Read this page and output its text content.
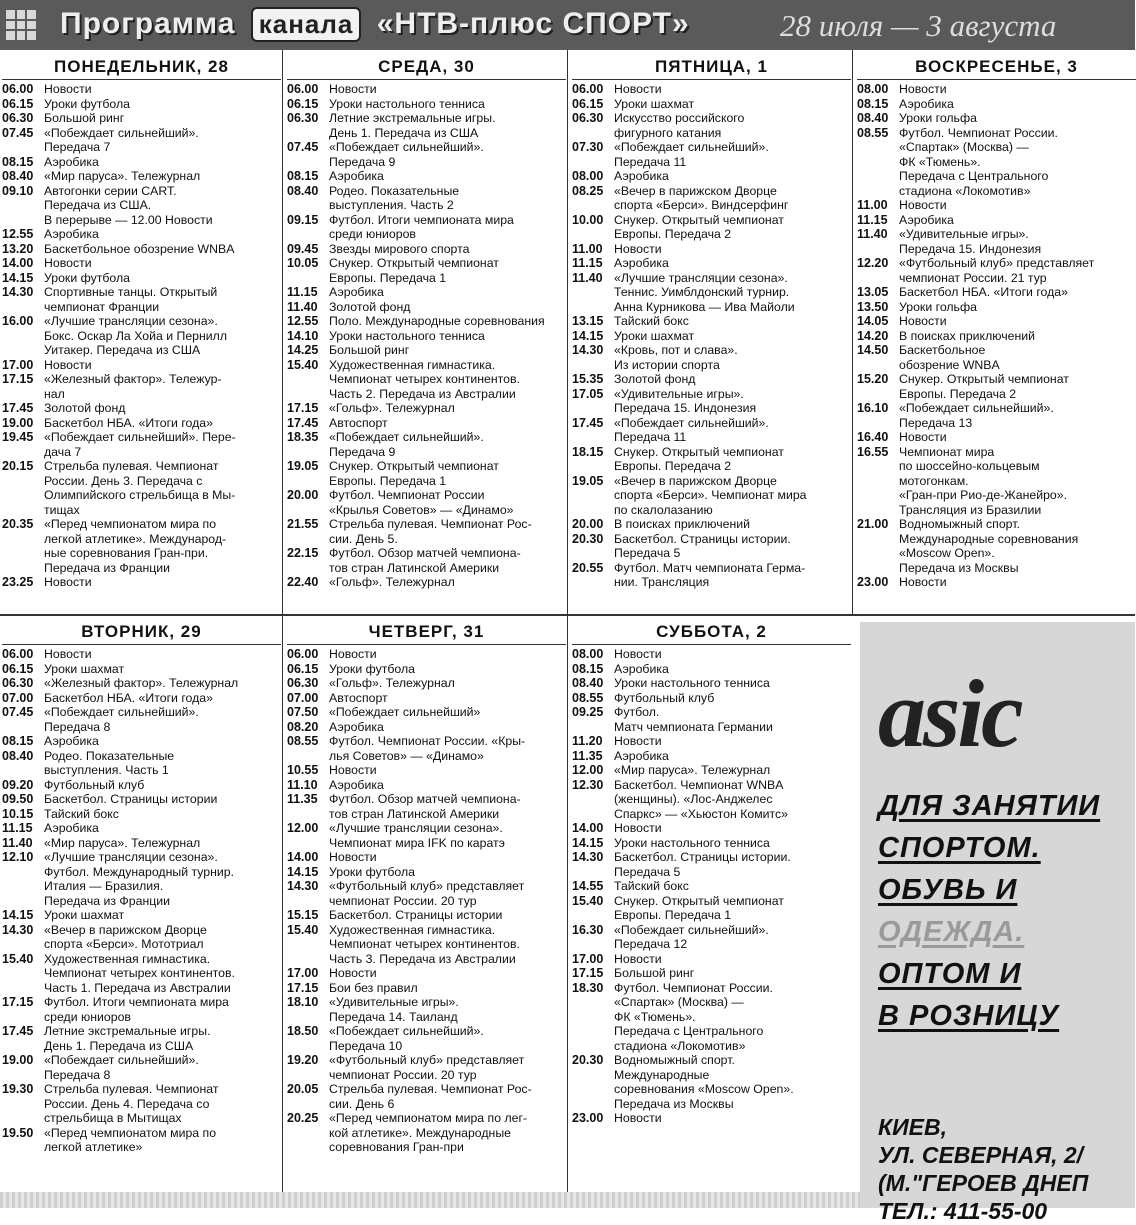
Программа канала «НТВ-плюс СПОРТ»	28 июля — 3 августа
ПОНЕДЕЛЬНИК, 28
06.00 Новости
06.15 Уроки футбола
06.30 Большой ринг
07.45 «Побеждает сильнейший».
Передача 7
08.15 Аэробика
08.40 «Мир паруса». Тележурнал
09.10 Автогонки серии CART.
Передача из США.
В перерыве — 12.00 Новости
12.55 Аэробика
13.20 Баскетбольное обозрение WNBA
14.00 Новости
14.15 Уроки футбола
14.30 Спортивные танцы. Открытый
чемпионат Франции
16.00 «Лучшие трансляции сезона».
Бокс. Оскар Ла Хойа и Пернилл
Уитакер. Передача из США
17.00 Новости
17.15 «Железный фактор». Тележур-
нал
17.45 Золотой фонд
19.00 Баскетбол НБА. «Итоги года»
19.45 «Побеждает сильнейший». Пере-
дача 7
20.15 Стрельба пулевая. Чемпионат
России. День 3. Передача с
Олимпийского стрельбища в Мы-
тищах
20.35 «Перед чемпионатом мира по
легкой атлетике». Международ-
ные соревнования Гран-при.
Передача из Франции
23.25 Новости
СРЕДА, 30
06.00 Новости
06.15 Уроки настольного тенниса
06.30 Летние экстремальные игры.
День 1. Передача из США
07.45 «Побеждает сильнейший».
Передача 9
08.15 Аэробика
08.40 Родео. Показательные
выступления. Часть 2
09.15 Футбол. Итоги чемпионата мира
среди юниоров
09.45 Звезды мирового спорта
10.05 Снукер. Открытый чемпионат
Европы. Передача 1
11.15 Аэробика
11.40 Золотой фонд
12.55 Поло. Международные соревнования
14.10 Уроки настольного тенниса
14.25 Большой ринг
15.40 Художественная гимнастика.
Чемпионат четырех континентов.
Часть 2. Передача из Австралии
17.15 «Гольф». Тележурнал
17.45 Автоспорт
18.35 «Побеждает сильнейший».
Передача 9
19.05 Снукер. Открытый чемпионат
Европы. Передача 1
20.00 Футбол. Чемпионат России
«Крылья Советов» — «Динамо»
21.55 Стрельба пулевая. Чемпионат Рос-
сии. День 5.
22.15 Футбол. Обзор матчей чемпиона-
тов стран Латинской Америки
22.40 «Гольф». Тележурнал
ПЯТНИЦА, 1
06.00 Новости
06.15 Уроки шахмат
06.30 Искусство российского
фигурного катания
07.30 «Побеждает сильнейший».
Передача 11
08.00 Аэробика
08.25 «Вечер в парижском Дворце
спорта «Берси». Виндсерфинг
10.00 Снукер. Открытый чемпионат
Европы. Передача 2
11.00 Новости
11.15 Аэробика
11.40 «Лучшие трансляции сезона».
Теннис. Уимблдонский турнир.
Анна Курникова — Ива Майоли
13.15 Тайский бокс
14.15 Уроки шахмат
14.30 «Кровь, пот и слава».
Из истории спорта
15.35 Золотой фонд
17.05 «Удивительные игры».
Передача 15. Индонезия
17.45 «Побеждает сильнейший».
Передача 11
18.15 Снукер. Открытый чемпионат
Европы. Передача 2
19.05 «Вечер в парижском Дворце
спорта «Берси». Чемпионат мира
по скалолазанию
20.00 В поисках приключений
20.30 Баскетбол. Страницы истории.
Передача 5
20.55 Футбол. Матч чемпионата Герма-
нии. Трансляция
ВОСКРЕСЕНЬЕ, 3
08.00 Новости
08.15 Аэробика
08.40 Уроки гольфа
08.55 Футбол. Чемпионат России.
«Спартак» (Москва) —
ФК «Тюмень».
Передача с Центрального
стадиона «Локомотив»
11.00 Новости
11.15 Аэробика
11.40 «Удивительные игры».
Передача 15. Индонезия
12.20 «Футбольный клуб» представляет
чемпионат России. 21 тур
13.05 Баскетбол НБА. «Итоги года»
13.50 Уроки гольфа
14.05 Новости
14.20 В поисках приключений
14.50 Баскетбольное
обозрение WNBA
15.20 Снукер. Открытый чемпионат
Европы. Передача 2
16.10 «Побеждает сильнейший».
Передача 13
16.40 Новости
16.55 Чемпионат мира
по шоссейно-кольцевым
мотогонкам.
«Гран-при Рио-де-Жанейро».
Трансляция из Бразилии
21.00 Водномыжный спорт.
Международные соревнования
«Moscow Open».
Передача из Москвы
23.00 Новости
ВТОРНИК, 29
06.00 Новости
06.15 Уроки шахмат
06.30 «Железный фактор». Тележурнал
07.00 Баскетбол НБА. «Итоги года»
07.45 «Побеждает сильнейший».
Передача 8
08.15 Аэробика
08.40 Родео. Показательные
выступления. Часть 1
09.20 Футбольный клуб
09.50 Баскетбол. Страницы истории
10.15 Тайский бокс
11.15 Аэробика
11.40 «Мир паруса». Тележурнал
12.10 «Лучшие трансляции сезона».
Футбол. Международный турнир.
Италия — Бразилия.
Передача из Франции
14.15 Уроки шахмат
14.30 «Вечер в парижском Дворце
спорта «Берси». Мототриал
15.40 Художественная гимнастика.
Чемпионат четырех континентов.
Часть 1. Передача из Австралии
17.15 Футбол. Итоги чемпионата мира
среди юниоров
17.45 Летние экстремальные игры.
День 1. Передача из США
19.00 «Побеждает сильнейший».
Передача 8
19.30 Стрельба пулевая. Чемпионат
России. День 4. Передача со
стрельбища в Мытищах
19.50 «Перед чемпионатом мира по
легкой атлетике»
ЧЕТВЕРГ, 31
06.00 Новости
06.15 Уроки футбола
06.30 «Гольф». Тележурнал
07.00 Автоспорт
07.50 «Побеждает сильнейший»
08.20 Аэробика
08.55 Футбол. Чемпионат России. «Кры-
лья Советов» — «Динамо»
10.55 Новости
11.10 Аэробика
11.35 Футбол. Обзор матчей чемпиона-
тов стран Латинской Америки
12.00 «Лучшие трансляции сезона».
Чемпионат мира IFK по каратэ
14.00 Новости
14.15 Уроки футбола
14.30 «Футбольный клуб» представляет
чемпионат России. 20 тур
15.15 Баскетбол. Страницы истории
15.40 Художественная гимнастика.
Чемпионат четырех континентов.
Часть 3. Передача из Австралии
17.00 Новости
17.15 Бои без правил
18.10 «Удивительные игры».
Передача 14. Таиланд
18.50 «Побеждает сильнейший».
Передача 10
19.20 «Футбольный клуб» представляет
чемпионат России. 20 тур
20.05 Стрельба пулевая. Чемпионат Рос-
сии. День 6
20.25 «Перед чемпионатом мира по лег-
кой атлетике». Международные
соревнования Гран-при
СУББОТА, 2
08.00 Новости
08.15 Аэробика
08.40 Уроки настольного тенниса
08.55 Футбольный клуб
09.25 Футбол.
Матч чемпионата Германии
11.20 Новости
11.35 Аэробика
12.00 «Мир паруса». Тележурнал
12.30 Баскетбол. Чемпионат WNBA
(женщины). «Лос-Анджелес
Спаркс» — «Хьюстон Комитс»
14.00 Новости
14.15 Уроки настольного тенниса
14.30 Баскетбол. Страницы истории.
Передача 5
14.55 Тайский бокс
15.40 Снукер. Открытый чемпионат
Европы. Передача 1
16.30 «Побеждает сильнейший».
Передача 12
17.00 Новости
17.15 Большой ринг
18.30 Футбол. Чемпионат России.
«Спартак» (Москва) —
ФК «Тюмень».
Передача с Центрального
стадиона «Локомотив»
20.30 Водномыжный спорт.
Международные
соревнования «Moscow Open».
Передача из Москвы
23.00 Новости
asic
ДЛЯ ЗАНЯТИИ
СПОРТОМ.
ОБУВЬ И
ОДЕЖДА.
ОПТОМ И
В РОЗНИЦУ
КИЕВ,
УЛ. СЕВЕРНАЯ, 2/
(М."ГЕРОЕВ ДНЕП
ТЕЛ.: 411-55-00
